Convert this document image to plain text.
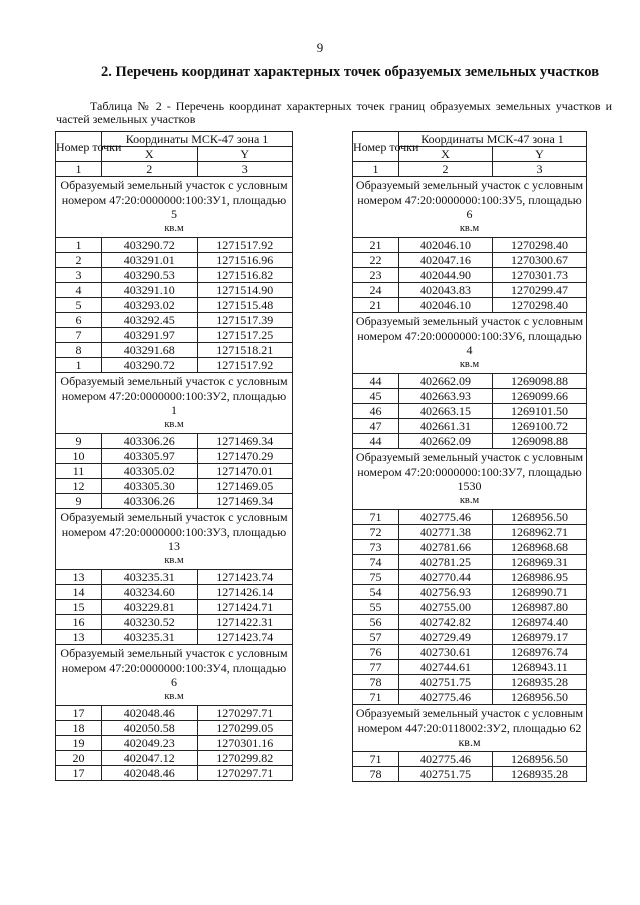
9
2. Перечень координат характерных точек образуемых земельных участков
Таблица № 2 - Перечень координат характерных точек границ образуемых земельных участков и частей земельных участков
Номер точки	Координаты МСК-47 зона 1	
	X	Y
1	2	3

Образуемый земельный участок с условным номером 47:20:0000000:100:ЗУ1, площадью 5
кв.м		

1	403290.72	1271517.92
2	403291.01	1271516.96
3	403290.53	1271516.82
4	403291.10	1271514.90
5	403293.02	1271515.48
6	403292.45	1271517.39
7	403291.97	1271517.25
8	403291.68	1271518.21
1	403290.72	1271517.92

Образуемый земельный участок с условным номером 47:20:0000000:100:ЗУ2, площадью 1
кв.м		

9	403306.26	1271469.34
10	403305.97	1271470.29
11	403305.02	1271470.01
12	403305.30	1271469.05
9	403306.26	1271469.34

Образуемый земельный участок с условным номером 47:20:0000000:100:ЗУ3, площадью 13
кв.м		

13	403235.31	1271423.74
14	403234.60	1271426.14
15	403229.81	1271424.71
16	403230.52	1271422.31
13	403235.31	1271423.74

Образуемый земельный участок с условным номером 47:20:0000000:100:ЗУ4, площадью 6
кв.м		

17	402048.46	1270297.71
18	402050.58	1270299.05
19	402049.23	1270301.16
20	402047.12	1270299.82
17	402048.46	1270297.71
Номер точки	Координаты МСК-47 зона 1	
	X	Y
1	2	3

Образуемый земельный участок с условным номером 47:20:0000000:100:ЗУ5, площадью 6
кв.м		

21	402046.10	1270298.40
22	402047.16	1270300.67
23	402044.90	1270301.73
24	402043.83	1270299.47
21	402046.10	1270298.40

Образуемый земельный участок с условным номером 47:20:0000000:100:ЗУ6, площадью 4
кв.м		

44	402662.09	1269098.88
45	402663.93	1269099.66
46	402663.15	1269101.50
47	402661.31	1269100.72
44	402662.09	1269098.88

Образуемый земельный участок с условным номером 47:20:0000000:100:ЗУ7, площадью 1530
кв.м		

71	402775.46	1268956.50
72	402771.38	1268962.71
73	402781.66	1268968.68
74	402781.25	1268969.31
75	402770.44	1268986.95
54	402756.93	1268990.71
55	402755.00	1268987.80
56	402742.82	1268974.40
57	402729.49	1268979.17
76	402730.61	1268976.74
77	402744.61	1268943.11
78	402751.75	1268935.28
71	402775.46	1268956.50

Образуемый земельный участок с условным номером 447:20:0118002:ЗУ2, площадью 62 кв.м		

71	402775.46	1268956.50
78	402751.75	1268935.28
